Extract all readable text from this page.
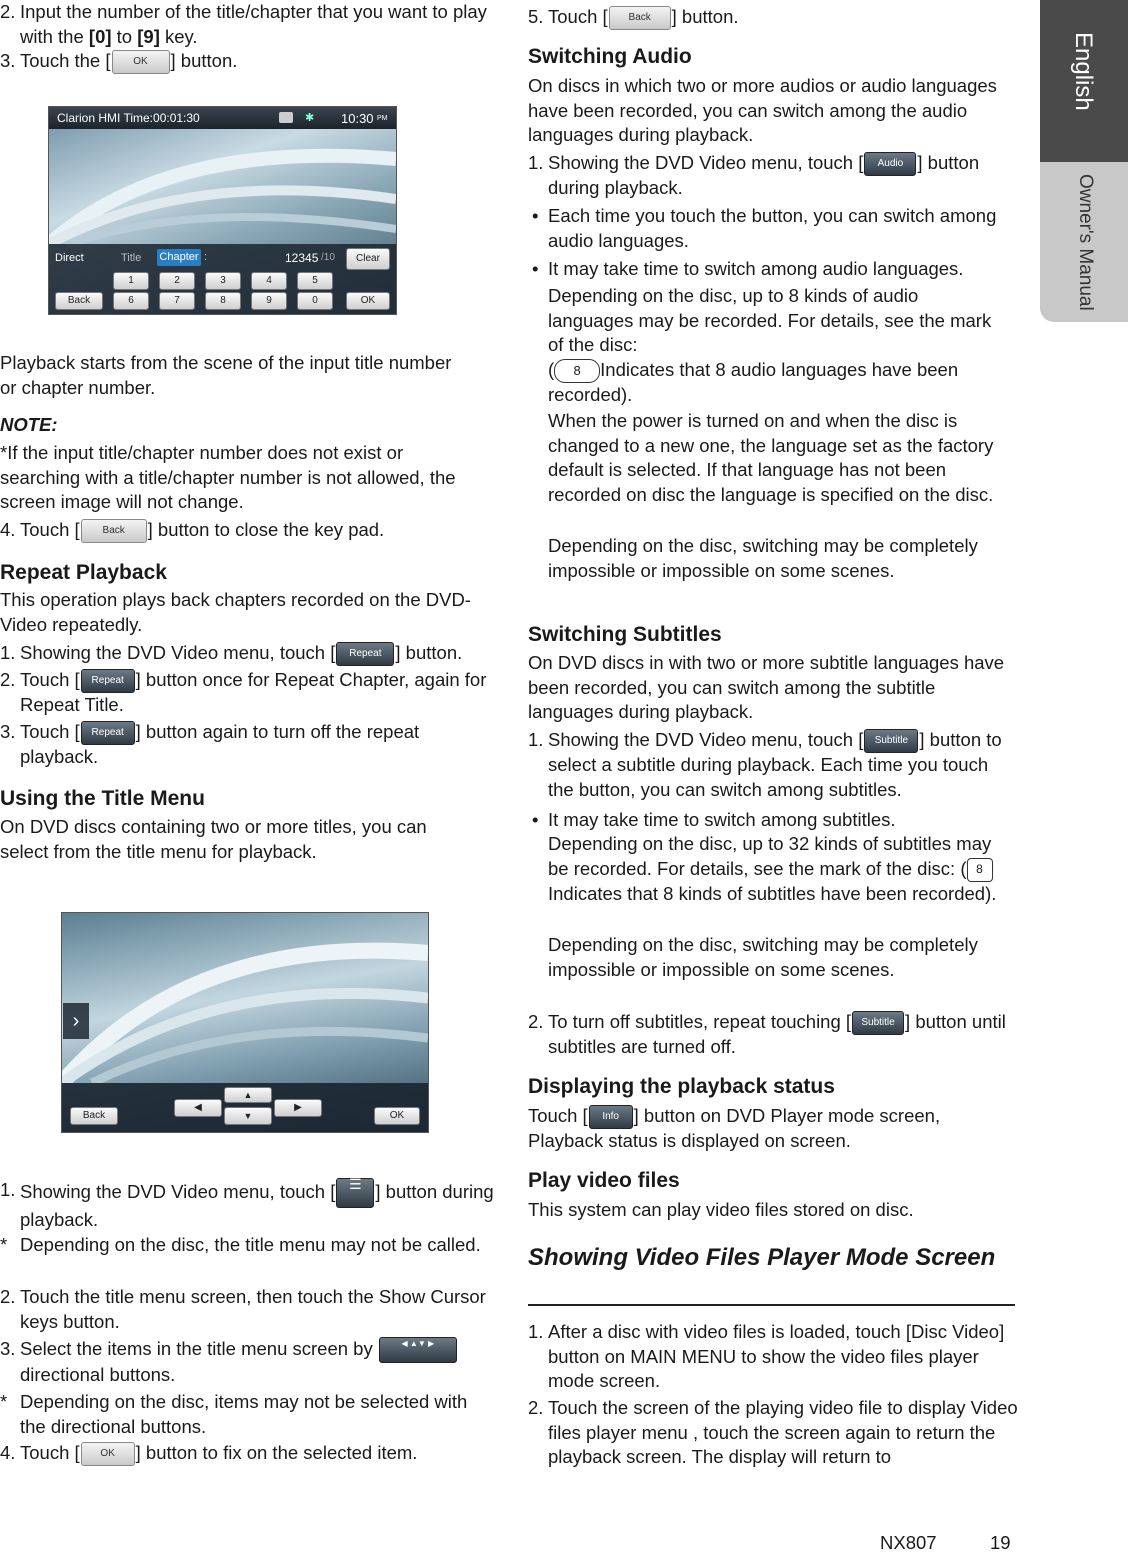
2. Input the number of the title/chapter that you want to play with the [0] to [9] key.
3. Touch the [ OK ] button.
Clarion HMI Time:00:01:30	✱ 10:30 PM
Direct	Title Chapter :	12345 /10	Clear
1	2	3	4	5
Back	6	7	8	9	0	OK
Playback starts from the scene of the input title number or chapter number.
NOTE:
*If the input title/chapter number does not exist or searching with a title/chapter number is not allowed, the screen image will not change.
4. Touch [ Back ] button to close the key pad.
Repeat Playback
This operation plays back chapters recorded on the DVD-Video repeatedly.
1. Showing the DVD Video menu, touch [ Repeat ] button.
2. Touch [ Repeat ] button once for Repeat Chapter, again for Repeat Title.
3. Touch [ Repeat ] button again to turn off the repeat playback.
Using the Title Menu
On DVD discs containing two or more titles, you can select from the title menu for playback.
›
Back
◀
▲
▼
▶
OK
1. Showing the DVD Video menu, touch [ ☰ ] button during playback.
* Depending on the disc, the title menu may not be called.
2. Touch the title menu screen, then touch the Show Cursor keys button.
3. Select the items in the title menu screen by	◀ ▲▼ ▶
directional buttons.
* Depending on the disc, items may not be selected with the directional buttons.
4. Touch [ OK ] button to fix on the selected item.
5. Touch [ Back ] button.
Switching Audio
On discs in which two or more audios or audio languages have been recorded, you can switch among the audio languages during playback.
1. Showing the DVD Video menu, touch [ Audio ] button during playback.
• Each time you touch the button, you can switch among audio languages.
• It may take time to switch among audio languages.
Depending on the disc, up to 8 kinds of audio languages may be recorded. For details, see the mark of the disc:
( 8 Indicates that 8 audio languages have been recorded).
When the power is turned on and when the disc is changed to a new one, the language set as the factory default is selected. If that language has not been recorded on disc the language is specified on the disc.
Depending on the disc, switching may be completely impossible or impossible on some scenes.
Switching Subtitles
On DVD discs in with two or more subtitle languages have been recorded, you can switch among the subtitle languages during playback.
1. Showing the DVD Video menu, touch [ Subtitle ] button to select a subtitle during playback. Each time you touch the button, you can switch among subtitles.
• It may take time to switch among subtitles.
Depending on the disc, up to 32 kinds of subtitles may be recorded. For details, see the mark of the disc: ( 8Indicates that 8 kinds of subtitles have been recorded).
Depending on the disc, switching may be completely impossible or impossible on some scenes.
2. To turn off subtitles, repeat touching [ Subtitle ] button until subtitles are turned off.
Displaying the playback status
Touch [ Info ] button on DVD Player mode screen, Playback status is displayed on screen.
Play video files
This system can play video files stored on disc.
Showing Video Files Player Mode Screen
1. After a disc with video files is loaded, touch [Disc Video] button on MAIN MENU to show the video files player mode screen.
2. Touch the screen of the playing video file to display Video files player menu , touch the screen again to return the playback screen. The display will return to
English
Owner's Manual
NX807	19
